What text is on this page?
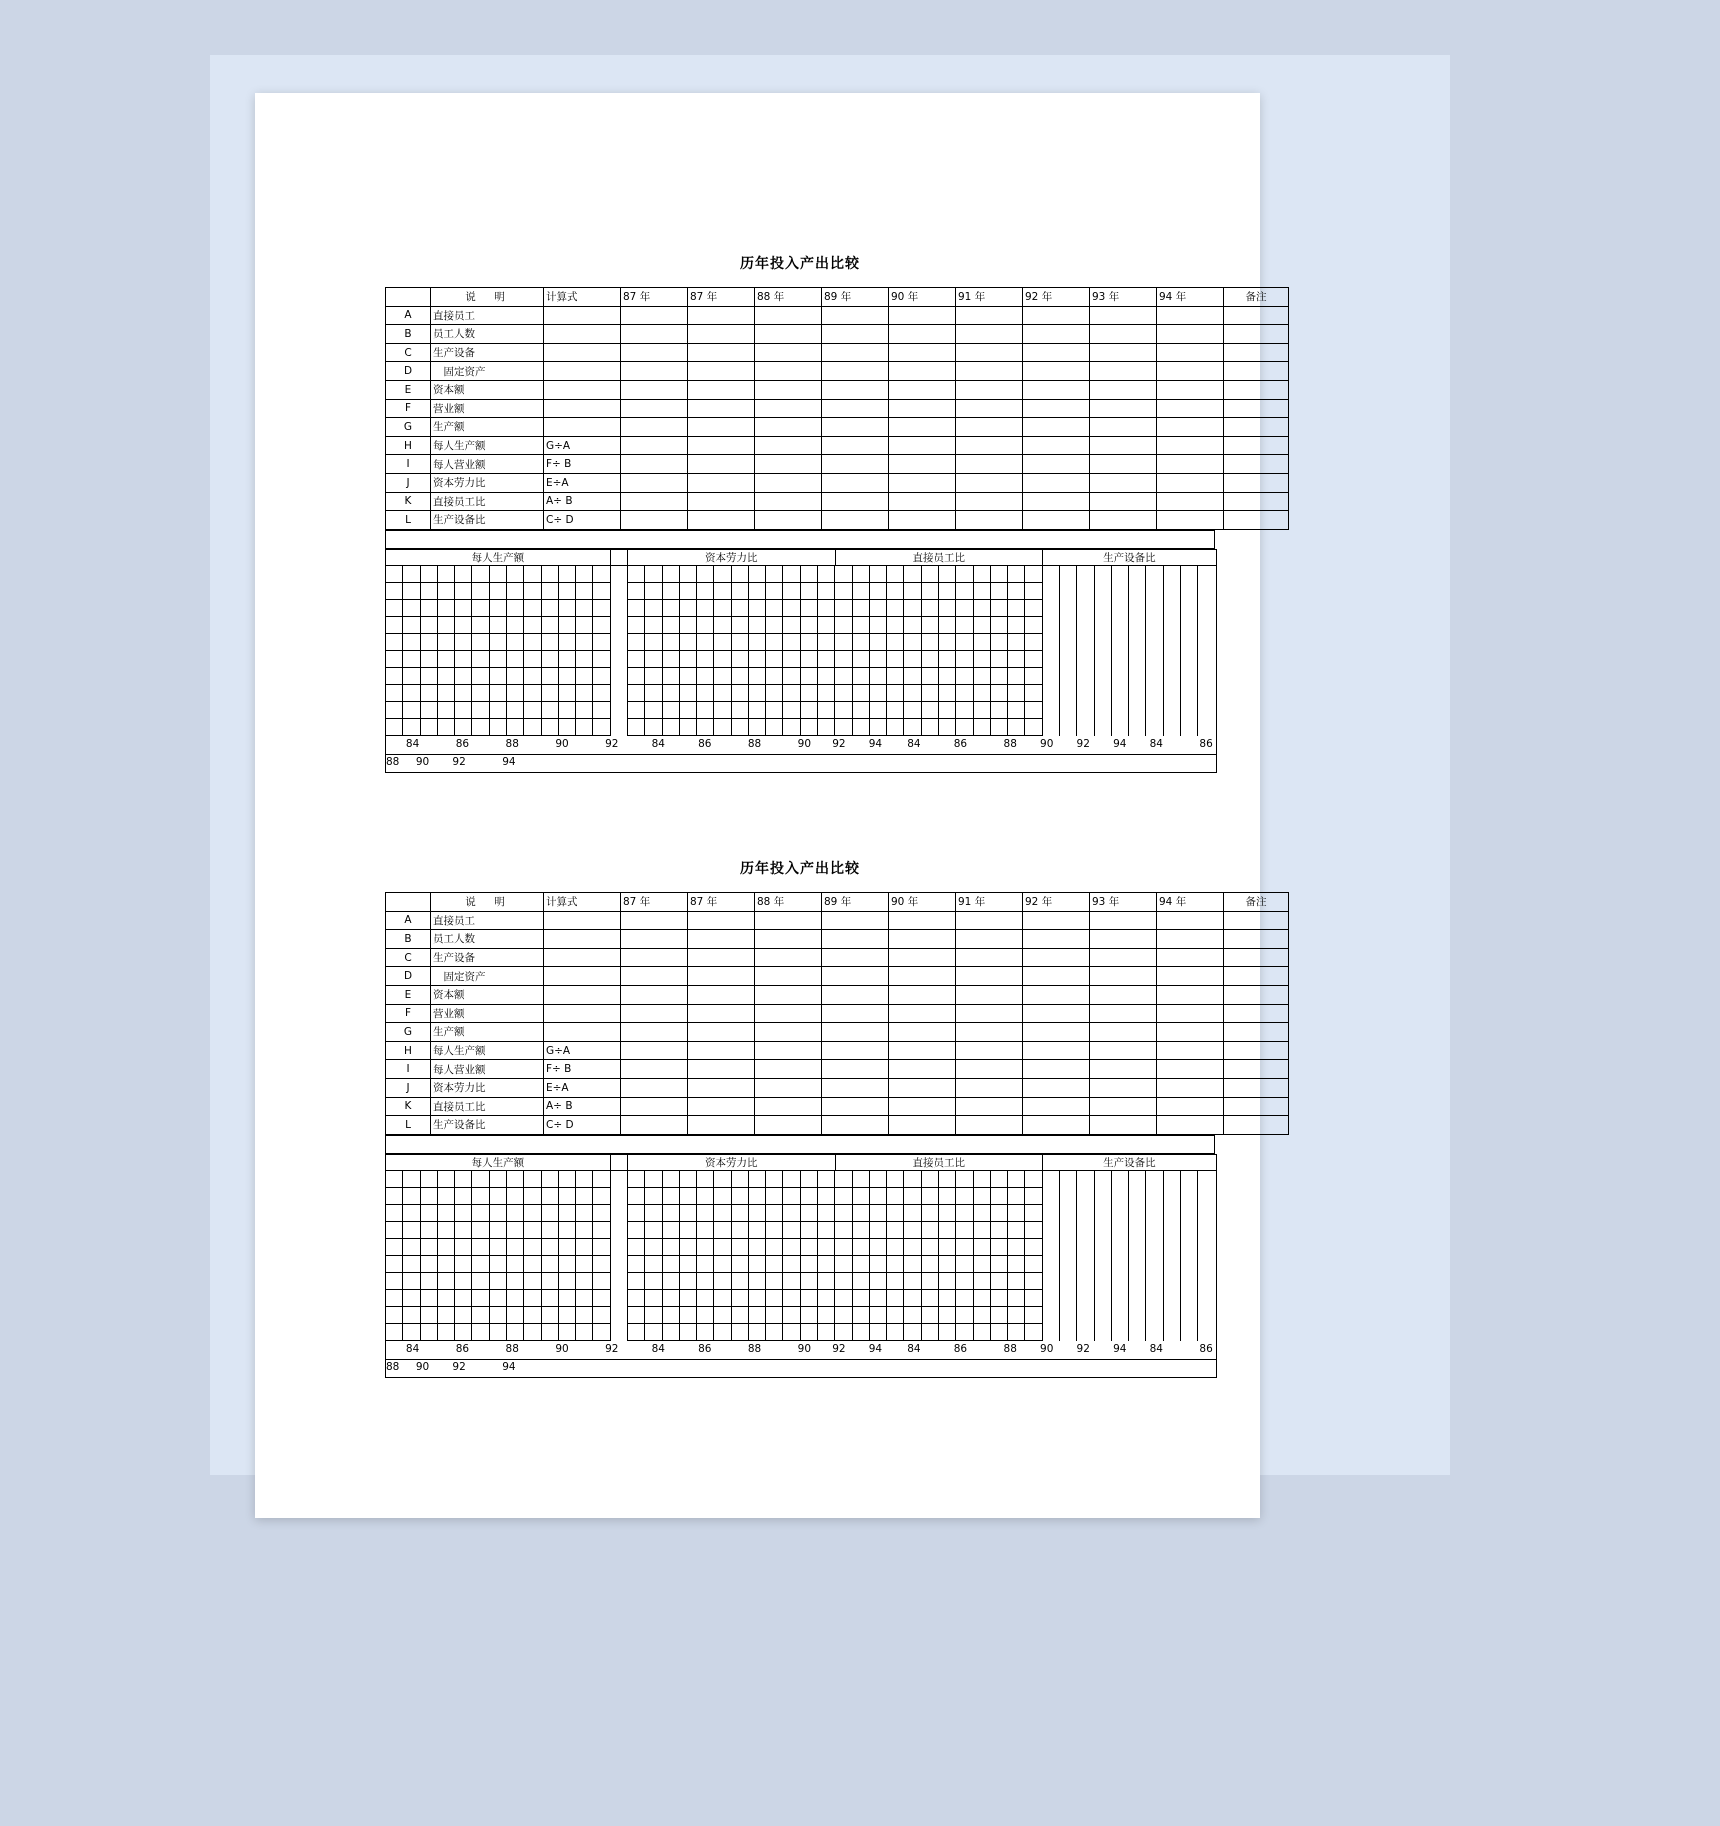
历年投入产出比较
	说　明	计算式	87 年	87 年	88 年	89 年	90 年	91 年	92 年	93 年	94 年	备注
A	直接员工											
B	员工人数											
C	生产设备											
D	　固定资产											
E	资本额											
F	营业额											
G	生产额											
H	每人生产额	G÷A										
I	每人营业额	F÷ B										
J	资本劳力比	E÷A										
K	直接员工比	A÷ B										
L	生产设备比	C÷ D										
每人生产额	资本劳力比	直接员工比	生产设备比
84	86	88	90	92	84	86	88	90 92 94 84	86	88 90 92 94 84	86
88 90 92	94
历年投入产出比较
	说　明	计算式	87 年	87 年	88 年	89 年	90 年	91 年	92 年	93 年	94 年	备注
A	直接员工											
B	员工人数											
C	生产设备											
D	　固定资产											
E	资本额											
F	营业额											
G	生产额											
H	每人生产额	G÷A										
I	每人营业额	F÷ B										
J	资本劳力比	E÷A										
K	直接员工比	A÷ B										
L	生产设备比	C÷ D										
每人生产额	资本劳力比	直接员工比	生产设备比
84	86	88	90	92	84	86	88	90 92 94 84	86	88 90 92 94 84	86
88 90 92	94
